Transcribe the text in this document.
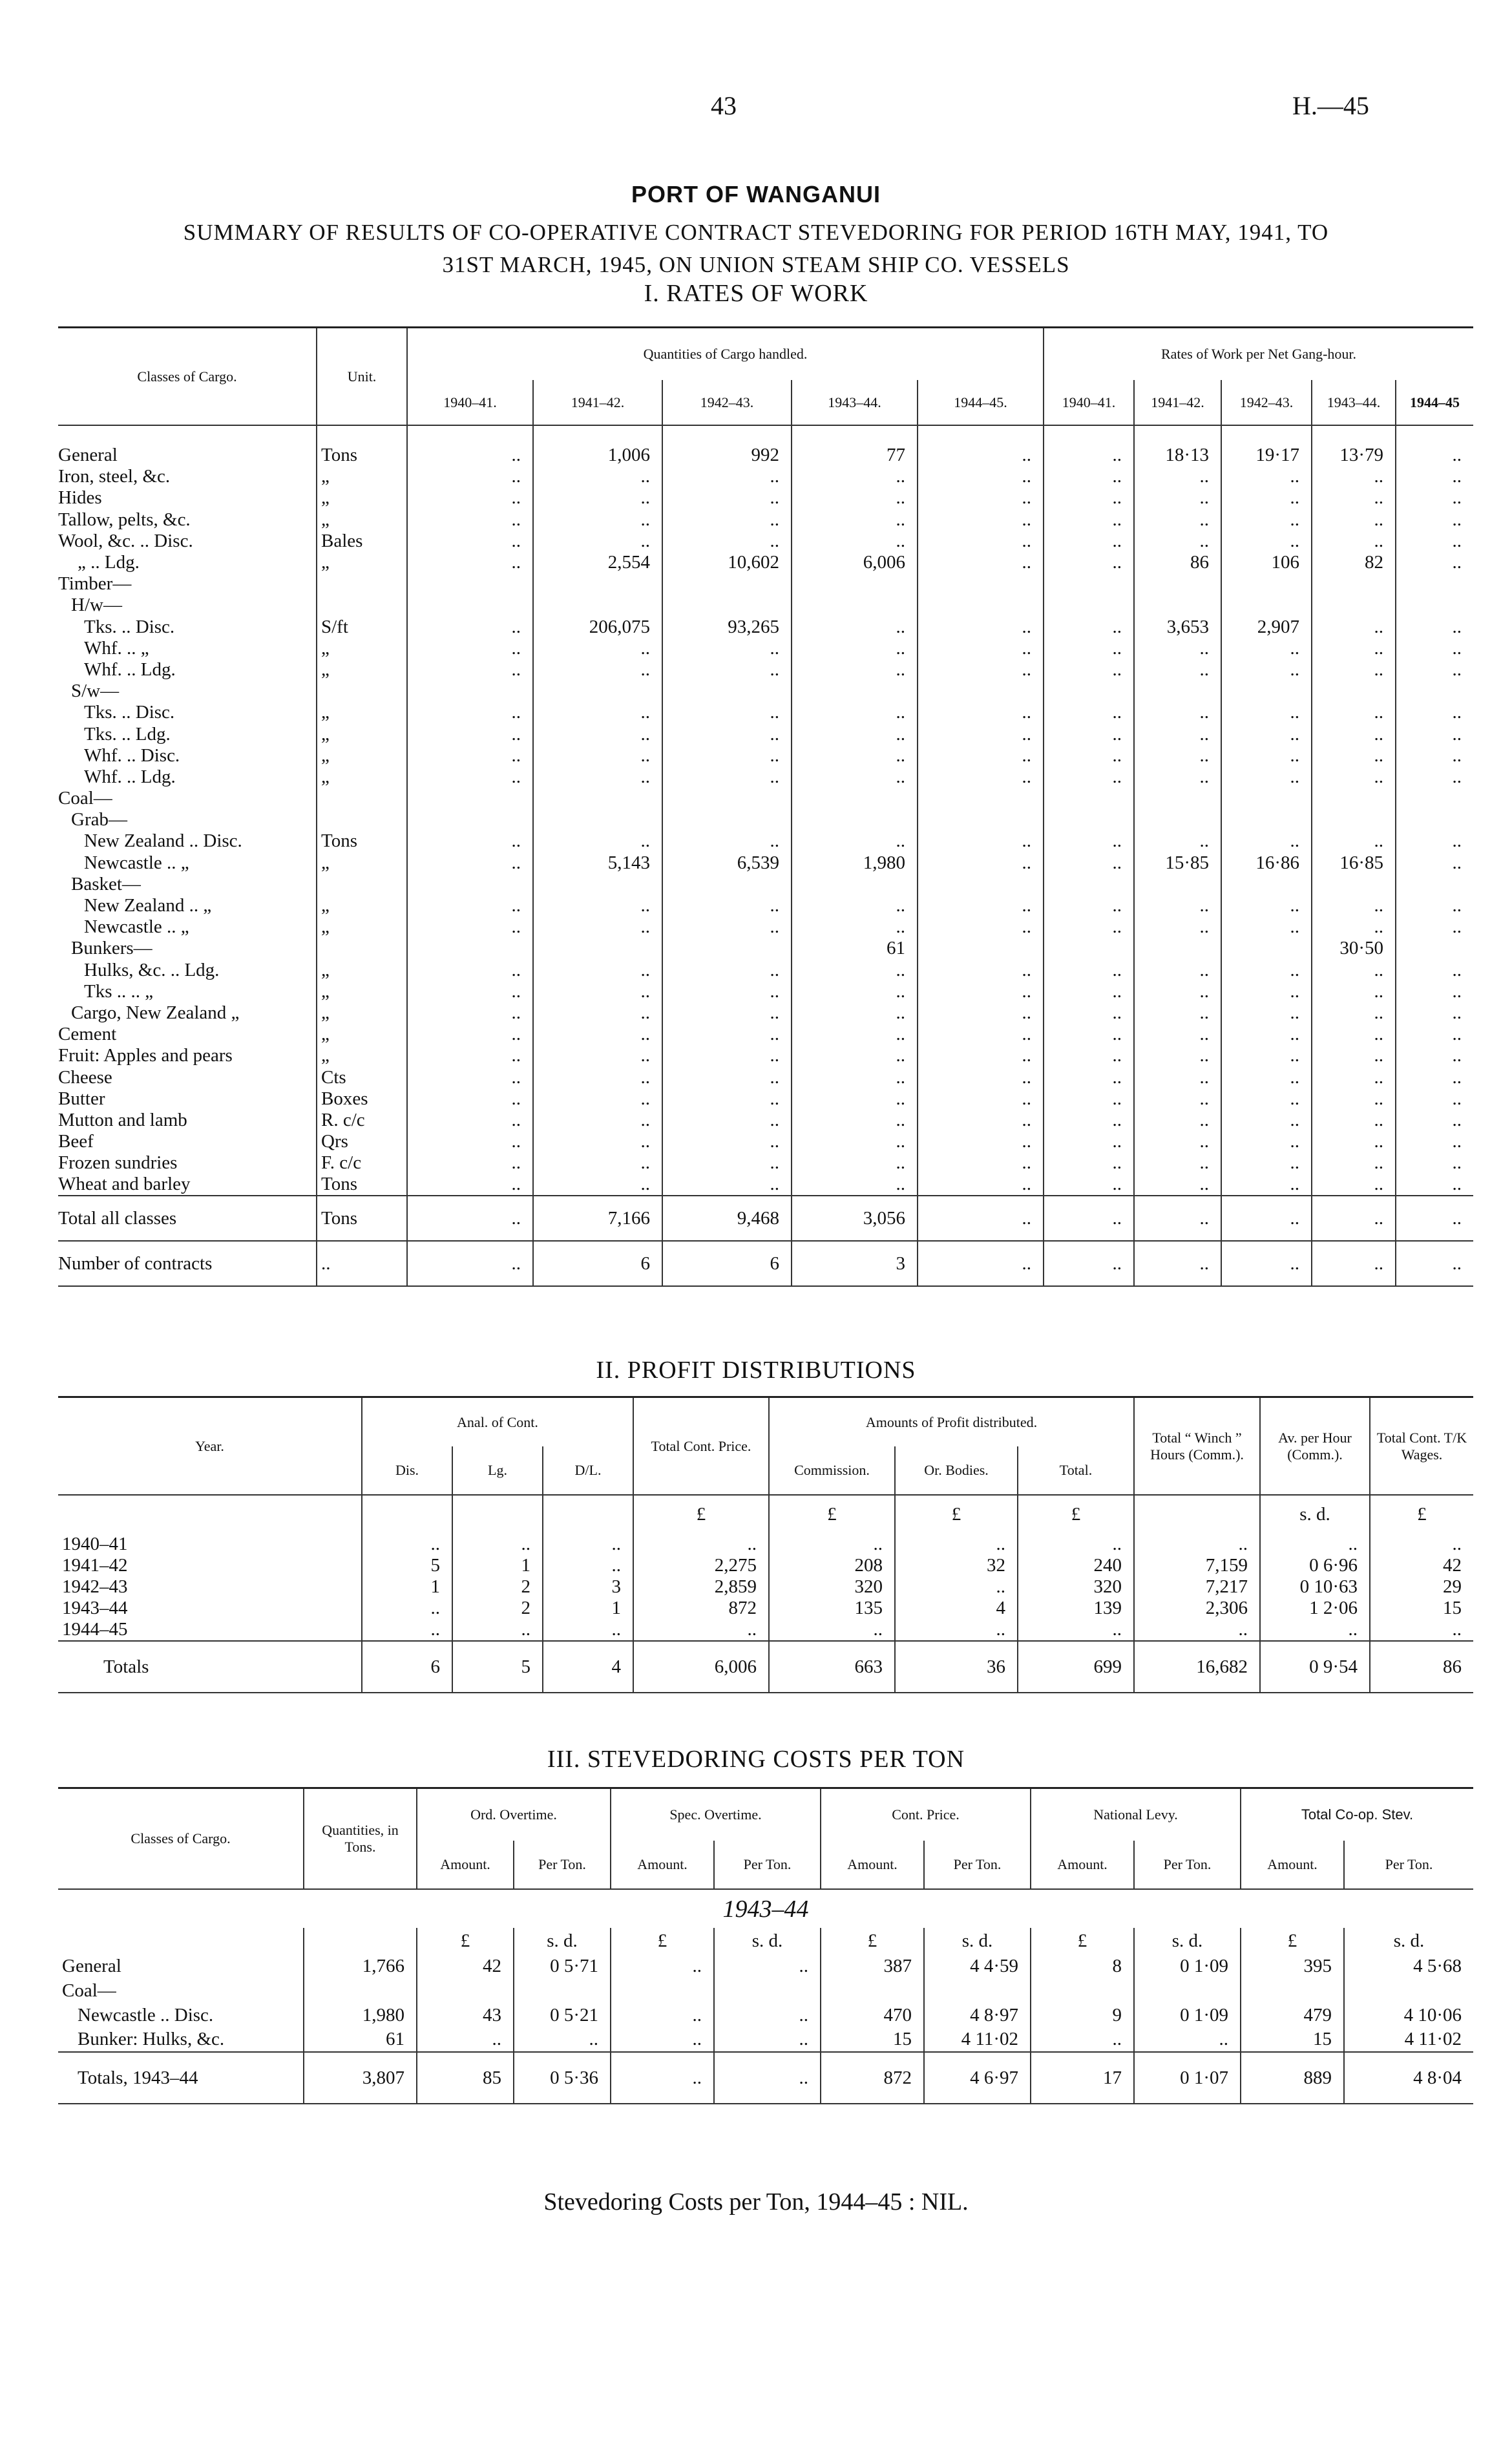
43	H.—45
PORT OF WANGANUI
SUMMARY OF RESULTS OF CO-OPERATIVE CONTRACT STEVEDORING FOR PERIOD 16TH MAY, 1941, TO
31ST MARCH, 1945, ON UNION STEAM SHIP CO. VESSELS
I. RATES OF WORK
Classes of Cargo.	Unit.	Quantities of Cargo handled.					Rates of Work per Net Gang-hour.				
		1940–41.	1941–42.	1942–43.	1943–44.	1944–45.	1940–41.	1941–42.	1942–43.	1943–44.	1944–45

General	Tons	..	1,006	992	77	..	..	18·13	19·17	13·79	..
Iron, steel, &c.	„	..	..	..	..	..	..	..	..	..	..
Hides	„	..	..	..	..	..	..	..	..	..	..
Tallow, pelts, &c.	„	..	..	..	..	..	..	..	..	..	..
Wool, &c. .. Disc.	Bales	..	..	..	..	..	..	..	..	..	..
„ .. Ldg.	„	..	2,554	10,602	6,006	..	..	86	106	82	..
Timber—											
H/w—											
Tks. .. Disc.	S/ft	..	206,075	93,265	..	..	..	3,653	2,907	..	..
Whf. .. „	„	..	..	..	..	..	..	..	..	..	..
Whf. .. Ldg.	„	..	..	..	..	..	..	..	..	..	..
S/w—											
Tks. .. Disc.	„	..	..	..	..	..	..	..	..	..	..
Tks. .. Ldg.	„	..	..	..	..	..	..	..	..	..	..
Whf. .. Disc.	„	..	..	..	..	..	..	..	..	..	..
Whf. .. Ldg.	„	..	..	..	..	..	..	..	..	..	..
Coal—											
Grab—											
New Zealand .. Disc.	Tons	..	..	..	..	..	..	..	..	..	..
Newcastle .. „	„	..	5,143	6,539	1,980	..	..	15·85	16·86	16·85	..
Basket—											
New Zealand .. „	„	..	..	..	..	..	..	..	..	..	..
Newcastle .. „	„	..	..	..	..	..	..	..	..	..	..
Bunkers—					61					30·50	
Hulks, &c. .. Ldg.	„	..	..	..	..	..	..	..	..	..	..
Tks .. .. „	„	..	..	..	..	..	..	..	..	..	..
Cargo, New Zealand „	„	..	..	..	..	..	..	..	..	..	..
Cement	„	..	..	..	..	..	..	..	..	..	..
Fruit: Apples and pears	„	..	..	..	..	..	..	..	..	..	..
Cheese	Cts	..	..	..	..	..	..	..	..	..	..
Butter	Boxes	..	..	..	..	..	..	..	..	..	..
Mutton and lamb	R. c/c	..	..	..	..	..	..	..	..	..	..
Beef	Qrs	..	..	..	..	..	..	..	..	..	..
Frozen sundries	F. c/c	..	..	..	..	..	..	..	..	..	..
Wheat and barley	Tons	..	..	..	..	..	..	..	..	..	..
Total all classes	Tons	..	7,166	9,468	3,056	..	..	..	..	..	..
Number of contracts	..	..	6	6	3	..	..	..	..	..	..
II. PROFIT DISTRIBUTIONS
Year.	Anal. of Cont.			Total Cont. Price.	Amounts of Profit distributed.			Total “ Winch ” Hours (Comm.).	Av. per Hour (Comm.).	Total Cont. T/K Wages.
	Dis.	Lg.	D/L.		Commission.	Or. Bodies.	Total.			
				£	£	£	£		s. d.	£
1940–41	..	..	..	..	..	..	..	..	..	..
1941–42	5	1	..	2,275	208	32	240	7,159	0 6·96	42
1942–43	1	2	3	2,859	320	..	320	7,217	0 10·63	29
1943–44	..	2	1	872	135	4	139	2,306	1 2·06	15
1944–45	..	..	..	..	..	..	..	..	..	..
Totals	6	5	4	6,006	663	36	699	16,682	0 9·54	86
III. STEVEDORING COSTS PER TON
Classes of Cargo.	Quantities, in Tons.	Ord. Overtime.		Spec. Overtime.		Cont. Price.		National Levy.		Total Co-op. Stev.	
		Amount.	Per Ton.	Amount.	Per Ton.	Amount.	Per Ton.	Amount.	Per Ton.	Amount.	Per Ton.
1943–44											
		£	s. d.	£	s. d.	£	s. d.	£	s. d.	£	s. d.
General	1,766	42	0 5·71	..	..	387	4 4·59	8	0 1·09	395	4 5·68
Coal—											
Newcastle .. Disc.	1,980	43	0 5·21	..	..	470	4 8·97	9	0 1·09	479	4 10·06
Bunker: Hulks, &c.	61	..	..	..	..	15	4 11·02	..	..	15	4 11·02
Totals, 1943–44	3,807	85	0 5·36	..	..	872	4 6·97	17	0 1·07	889	4 8·04
Stevedoring Costs per Ton, 1944–45 : NIL.
